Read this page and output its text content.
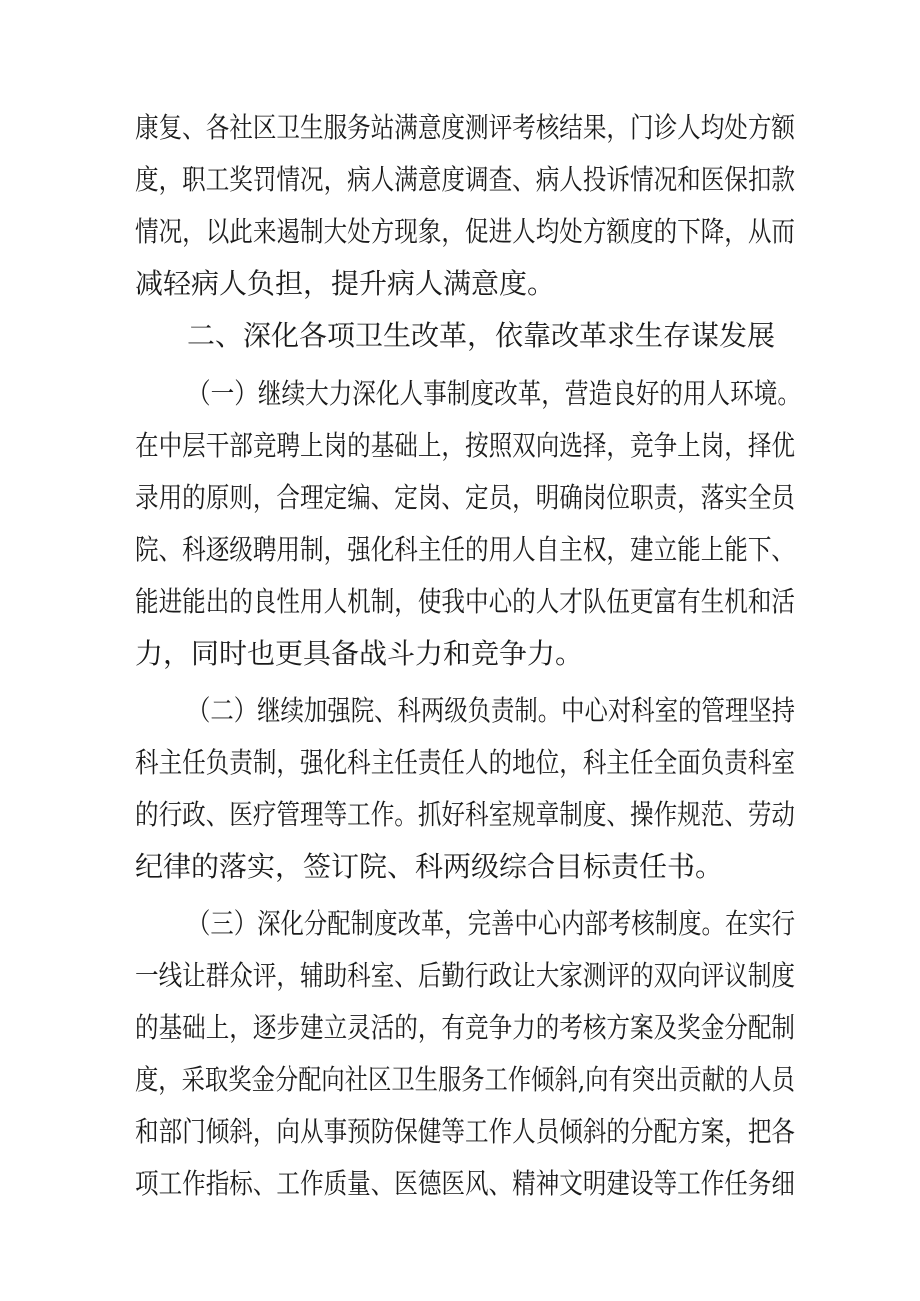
康复、各社区卫生服务站满意度测评考核结果，门诊人均处方额
度，职工奖罚情况，病人满意度调查、病人投诉情况和医保扣款
情况，以此来遏制大处方现象，促进人均处方额度的下降，从而
减轻病人负担，提升病人满意度。
二、深化各项卫生改革，依靠改革求生存谋发展
（一）继续大力深化人事制度改革，营造良好的用人环境。
在中层干部竞聘上岗的基础上，按照双向选择，竞争上岗，择优
录用的原则，合理定编、定岗、定员，明确岗位职责，落实全员
院、科逐级聘用制，强化科主任的用人自主权，建立能上能下、
能进能出的良性用人机制，使我中心的人才队伍更富有生机和活
力，同时也更具备战斗力和竞争力。
（二）继续加强院、科两级负责制。中心对科室的管理坚持
科主任负责制，强化科主任责任人的地位，科主任全面负责科室
的行政、医疗管理等工作。抓好科室规章制度、操作规范、劳动
纪律的落实，签订院、科两级综合目标责任书。
（三）深化分配制度改革，完善中心内部考核制度。在实行
一线让群众评，辅助科室、后勤行政让大家测评的双向评议制度
的基础上，逐步建立灵活的，有竞争力的考核方案及奖金分配制
度，采取奖金分配向社区卫生服务工作倾斜,向有突出贡献的人员
和部门倾斜，向从事预防保健等工作人员倾斜的分配方案，把各
项工作指标、工作质量、医德医风、精神文明建设等工作任务细
